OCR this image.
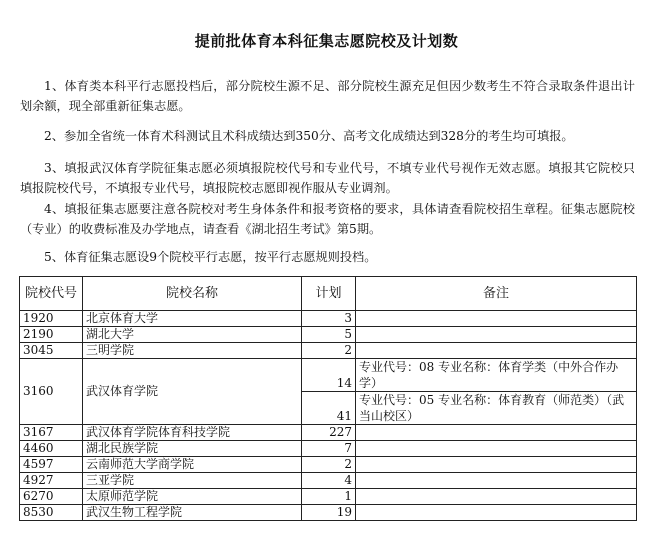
提前批体育本科征集志愿院校及计划数

1、体育类本科平行志愿投档后，部分院校生源不足、部分院校生源充足但因少数考生不符合录取条件退出计划余额，现全部重新征集志愿。

2、参加全省统一体育术科测试且术科成绩达到350分、高考文化成绩达到328分的考生均可填报。

3、填报武汉体育学院征集志愿必须填报院校代号和专业代号，不填专业代号视作无效志愿。填报其它院校只填报院校代号，不填报专业代号，填报院校志愿即视作服从专业调剂。

4、填报征集志愿要注意各院校对考生身体条件和报考资格的要求，具体请查看院校招生章程。征集志愿院校（专业）的收费标准及办学地点，请查看《湖北招生考试》第5期。

5、体育征集志愿设9个院校平行志愿，按平行志愿规则投档。

院校代号	院校名称	计划	备注
1920	北京体育大学	3	
2190	湖北大学	5	
3045	三明学院	2	
3160	武汉体育学院	14	专业代号：08 专业名称：体育学类（中外合作办学）
		41	专业代号：05 专业名称：体育教育（师范类）（武当山校区）
3167	武汉体育学院体育科技学院	227	
4460	湖北民族学院	7	
4597	云南师范大学商学院	2	
4927	三亚学院	4	
6270	太原师范学院	1	
8530	武汉生物工程学院	19	
